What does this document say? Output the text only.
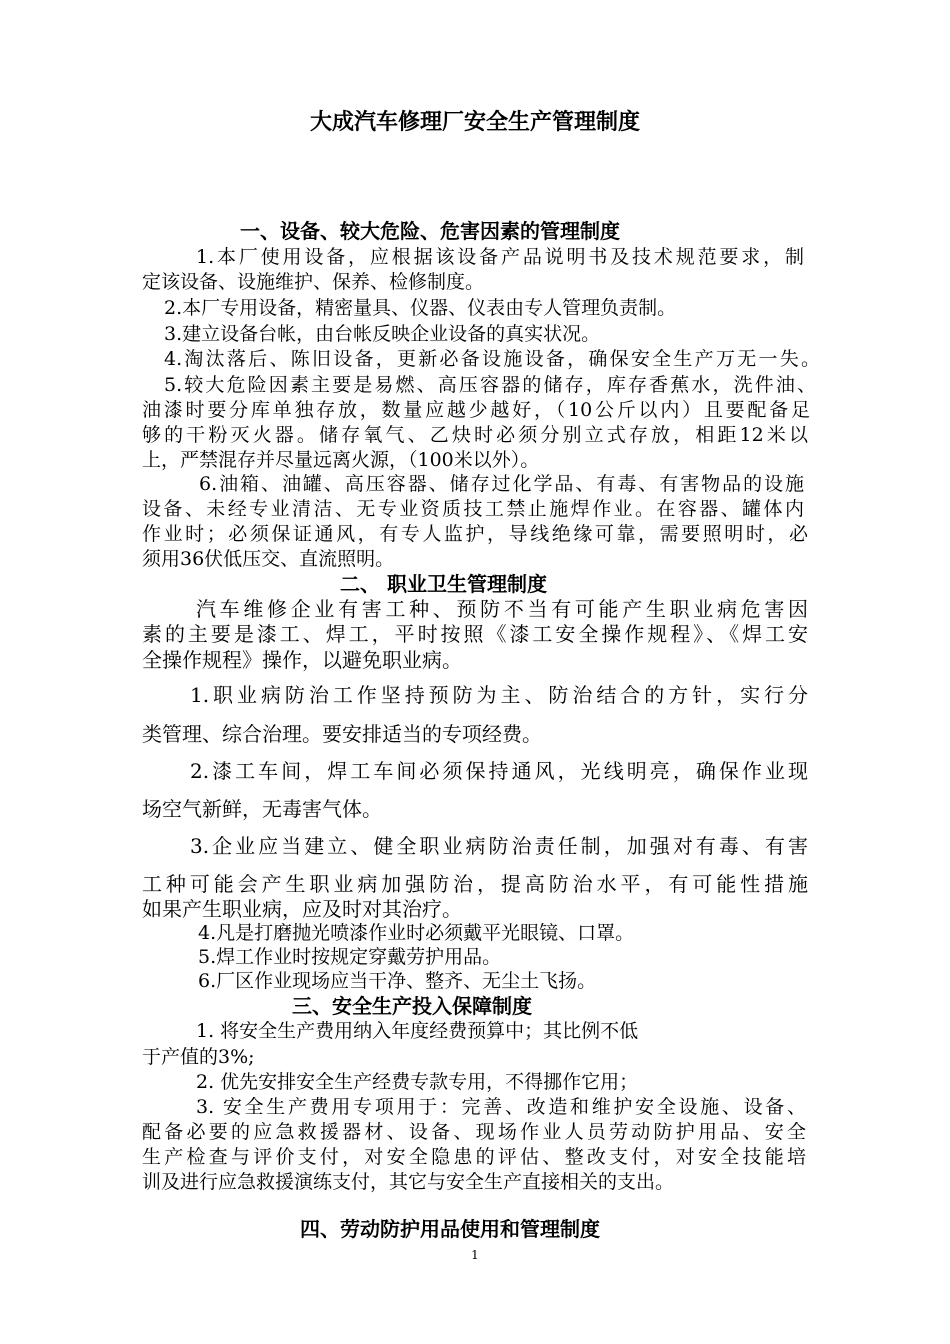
大成汽车修理厂安全生产管理制度
一、设备、较大危险、危害因素的管理制度
1.本厂使用设备，应根据该设备产品说明书及技术规范要求，制
定该设备、设施维护、保养、检修制度。
2.本厂专用设备，精密量具、仪器、仪表由专人管理负责制。
3.建立设备台帐，由台帐反映企业设备的真实状况。
4.淘汰落后、陈旧设备，更新必备设施设备，确保安全生产万无一失。
5.较大危险因素主要是易燃、高压容器的储存，库存香蕉水，洗件油、
油漆时要分库单独存放，数量应越少越好，（10公斤以内）且要配备足
够的干粉灭火器。储存氧气、乙炔时必须分别立式存放，相距12米以
上，严禁混存并尽量远离火源，（100米以外）。
6.油箱、油罐、高压容器、储存过化学品、有毒、有害物品的设施
设备、未经专业清洁、无专业资质技工禁止施焊作业。在容器、罐体内
作业时；必须保证通风，有专人监护，导线绝缘可靠，需要照明时，必
须用36伏低压交、直流照明。
二、 职业卫生管理制度
汽车维修企业有害工种、预防不当有可能产生职业病危害因
素的主要是漆工、焊工，平时按照《漆工安全操作规程》、《焊工安
全操作规程》操作，以避免职业病。
1.职业病防治工作坚持预防为主、防治结合的方针，实行分
类管理、综合治理。要安排适当的专项经费。
2.漆工车间，焊工车间必须保持通风，光线明亮，确保作业现
场空气新鲜，无毒害气体。
3.企业应当建立、健全职业病防治责任制，加强对有毒、有害
工种可能会产生职业病加强防治，提高防治水平，有可能性措施
如果产生职业病，应及时对其治疗。
4.凡是打磨抛光喷漆作业时必须戴平光眼镜、口罩。
5.焊工作业时按规定穿戴劳护用品。
6.厂区作业现场应当干净、整齐、无尘土飞扬。
三、安全生产投入保障制度
1. 将安全生产费用纳入年度经费预算中；其比例不低
于产值的3%;
2. 优先安排安全生产经费专款专用，不得挪作它用；
3. 安全生产费用专项用于：完善、改造和维护安全设施、设备、
配备必要的应急救援器材、设备、现场作业人员劳动防护用品、安全
生产检查与评价支付，对安全隐患的评估、整改支付，对安全技能培
训及进行应急救援演练支付，其它与安全生产直接相关的支出。
四、劳动防护用品使用和管理制度
1
